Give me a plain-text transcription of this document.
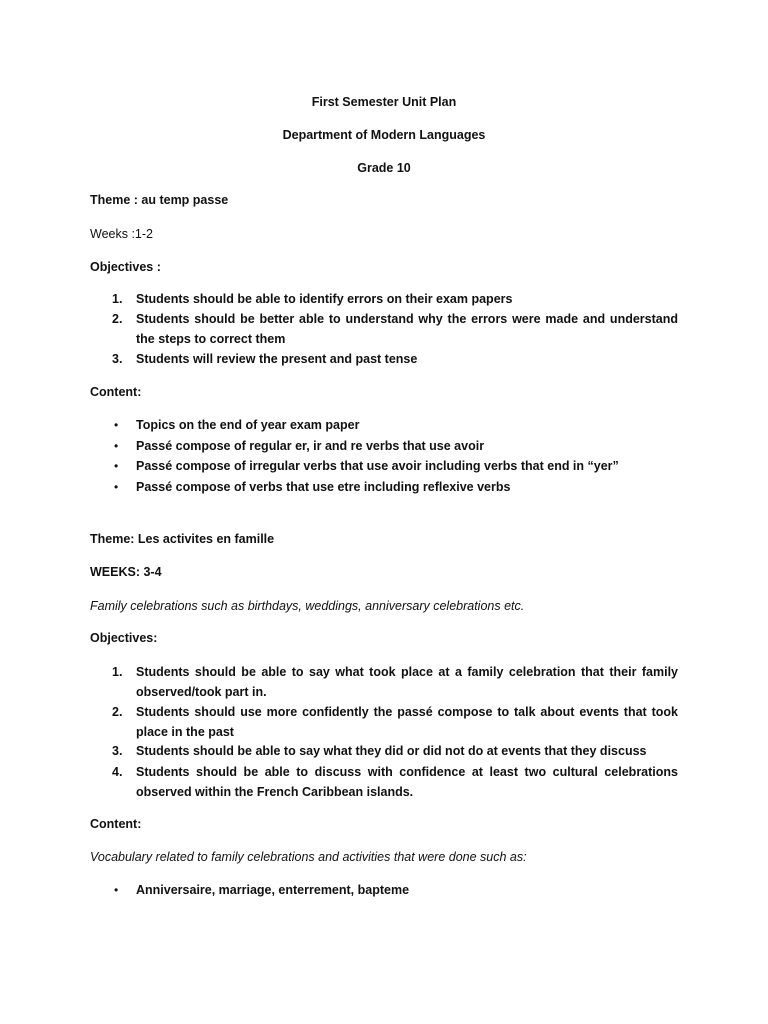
First Semester Unit Plan
Department of Modern Languages
Grade 10
Theme : au temp passe
Weeks :1-2
Objectives :
1.	Students should be able to identify errors on their exam papers
2.	Students should be better able to understand why the errors were made and understand the steps to correct them
3.	Students will review the present and past tense
Content:
•	Topics on the end of year exam paper
•	Passé compose of regular er, ir and re verbs that use avoir
•	Passé compose of irregular verbs that use avoir including verbs that end in “yer”
•	Passé compose of verbs that use etre including reflexive verbs
Theme: Les activites en famille
WEEKS: 3-4
Family celebrations such as birthdays, weddings, anniversary celebrations etc.
Objectives:
1.	Students should be able to say what took place at a family celebration that their family observed/took part in.
2.	Students should use more confidently the passé compose to talk about events that took place in the past
3.	Students should be able to say what they did or did not do at events that they discuss
4.	Students should be able to discuss with confidence at least two cultural celebrations observed within the French Caribbean islands.
Content:
Vocabulary related to family celebrations and activities that were done such as:
•	Anniversaire, marriage, enterrement, bapteme
